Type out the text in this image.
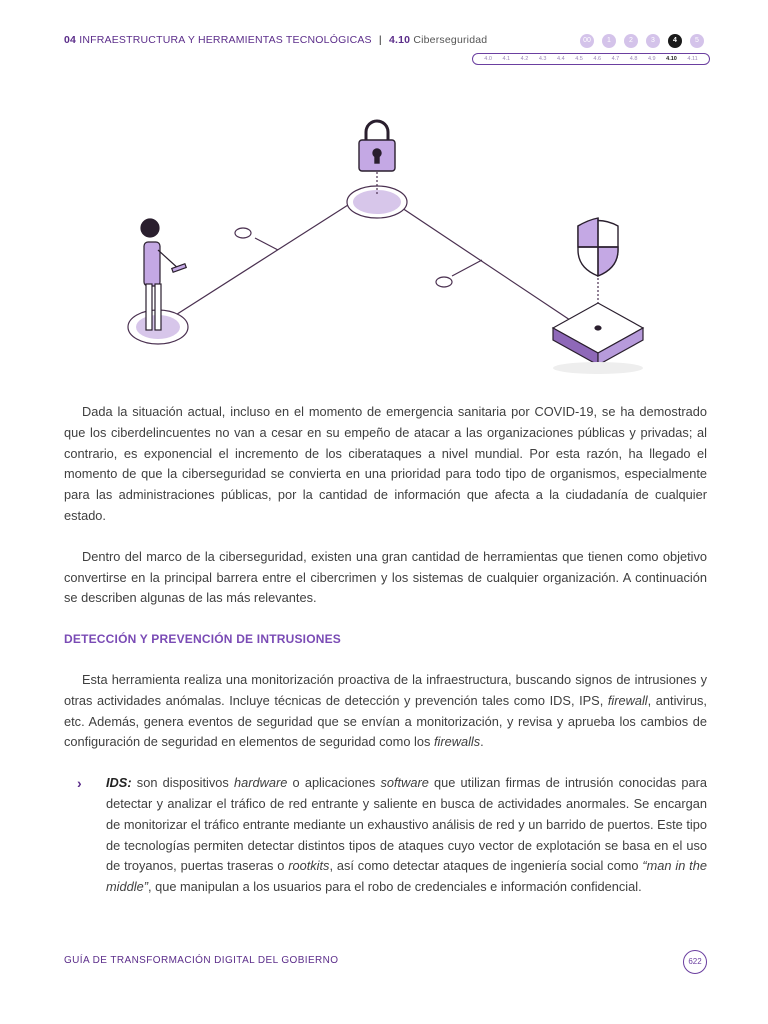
04 INFRAESTRUCTURA Y HERRAMIENTAS TECNOLÓGICAS | 4.10 Ciberseguridad	00	1	2	3	4	5
4.0 4.1 4.2 4.3 4.4 4.5 4.6 4.7 4.8 4.9 4.10 4.11

Dada la situación actual, incluso en el momento de emergencia sanitaria por COVID-19, se ha demostrado que los ciberdelincuentes no van a cesar en su empeño de atacar a las organizaciones públicas y privadas; al contrario, es exponencial el incremento de los ciberataques a nivel mundial. Por esta razón, ha llegado el momento de que la ciberseguridad se convierta en una prioridad para todo tipo de organismos, especialmente para las administraciones públicas, por la cantidad de información que afecta a la ciudadanía de cualquier estado.

Dentro del marco de la ciberseguridad, existen una gran cantidad de herramientas que tienen como objetivo convertirse en la principal barrera entre el cibercrimen y los sistemas de cualquier organización. A continuación se describen algunas de las más relevantes.

DETECCIÓN Y PREVENCIÓN DE INTRUSIONES

Esta herramienta realiza una monitorización proactiva de la infraestructura, buscando signos de intrusiones y otras actividades anómalas. Incluye técnicas de detección y prevención tales como IDS, IPS, firewall, antivirus, etc. Además, genera eventos de seguridad que se envían a monitorización, y revisa y aprueba los cambios de configuración de seguridad en elementos de seguridad como los firewalls.

› IDS: son dispositivos hardware o aplicaciones software que utilizan firmas de intrusión conocidas para detectar y analizar el tráfico de red entrante y saliente en busca de actividades anormales. Se encargan de monitorizar el tráfico entrante mediante un exhaustivo análisis de red y un barrido de puertos. Este tipo de tecnologías permiten detectar distintos tipos de ataques cuyo vector de explotación se basa en el uso de troyanos, puertas traseras o rootkits, así como detectar ataques de ingeniería social como “man in the middle”, que manipulan a los usuarios para el robo de credenciales e información confidencial.
GUÍA DE TRANSFORMACIÓN DIGITAL DEL GOBIERNO	622
